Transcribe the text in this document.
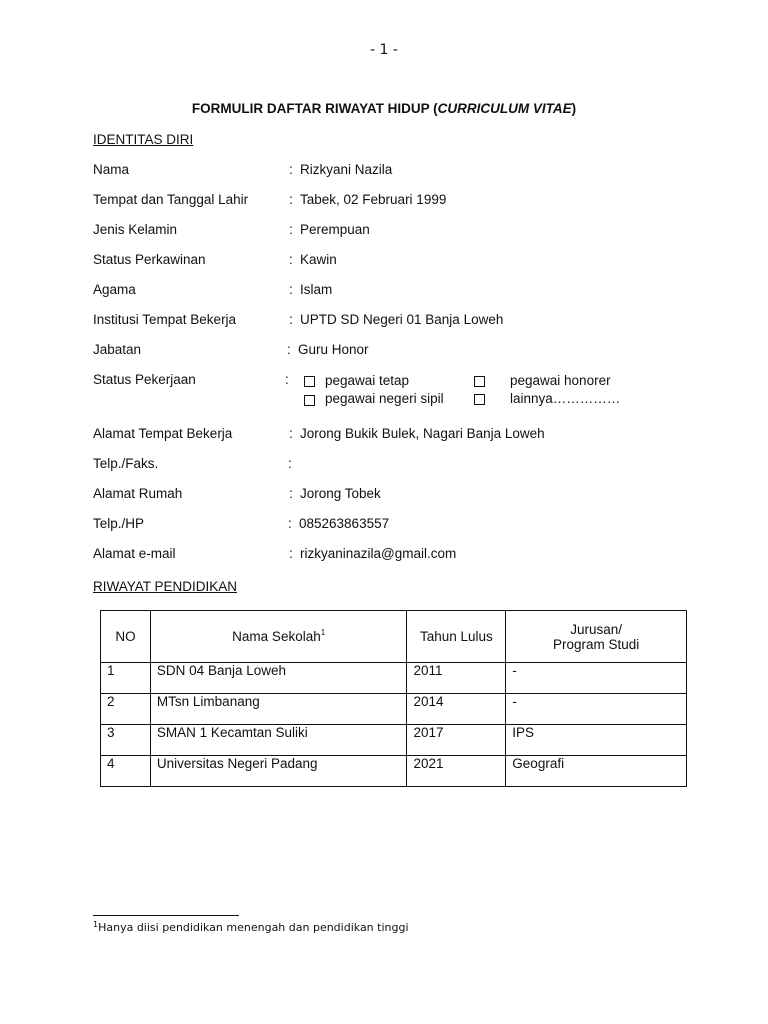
- 1 -
FORMULIR DAFTAR RIWAYAT HIDUP (CURRICULUM VITAE)
IDENTITAS DIRI
Nama	: Rizkyani Nazila
Tempat dan Tanggal Lahir	: Tabek, 02 Februari 1999
Jenis Kelamin	: Perempuan
Status Perkawinan	: Kawin
Agama	: Islam
Institusi Tempat Bekerja	: UPTD SD Negeri 01 Banja Loweh
Jabatan	: Guru Honor
Status Pekerjaan	:	pegawai tetap	pegawai honorer
pegawai negeri sipil	lainnya……………
Alamat Tempat Bekerja	: Jorong Bukik Bulek, Nagari Banja Loweh
Telp./Faks.	:
Alamat Rumah	: Jorong Tobek
Telp./HP	: 085263863557
Alamat e-mail	: rizkyaninazila@gmail.com
RIWAYAT PENDIDIKAN
NO	Nama Sekolah$^1$	Tahun Lulus	Jurusan/
Program Studi

1	SDN 04 Banja Loweh	2011	-
2	MTsn Limbanang	2014	-
3	SMAN 1 Kecamtan Suliki	2017	IPS
4	Universitas Negeri Padang	2021	Geografi
$^1$Hanya diisi pendidikan menengah dan pendidikan tinggi
